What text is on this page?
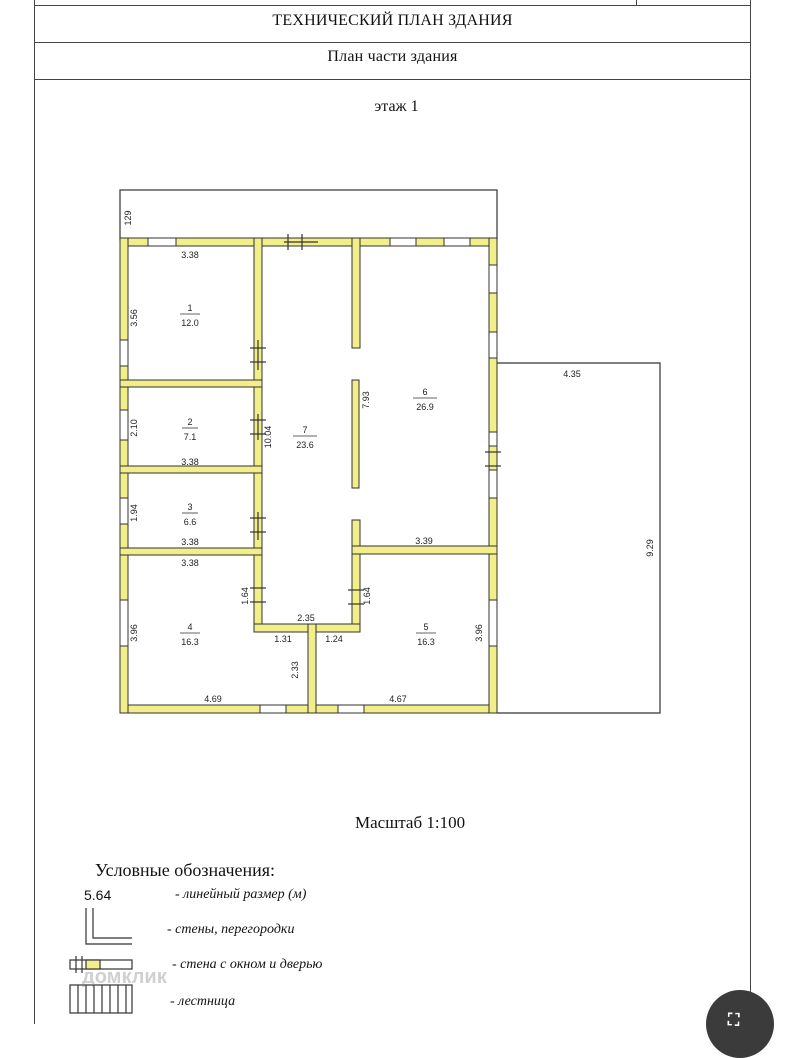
ТЕХНИЧЕСКИЙ ПЛАН ЗДАНИЯ
План части здания
этаж 1
1
12.0
2
7.1
3
6.6
4
16.3
5
16.3
6
26.9
7
23.6
129
3.38
3.56
2.10
3.38
1.94
3.38
3.38
3.96
1.64
2.35
1.31	1.24
2.33
4.69	4.67
1.64
3.96
3.39
7.93
10.04
4.35
9.29
Масштаб 1:100
Условные обозначения:
5.64	- линейный размер (м)
- стены, перегородки
- стена с окном и дверью
- лестница
домклик
⛶
